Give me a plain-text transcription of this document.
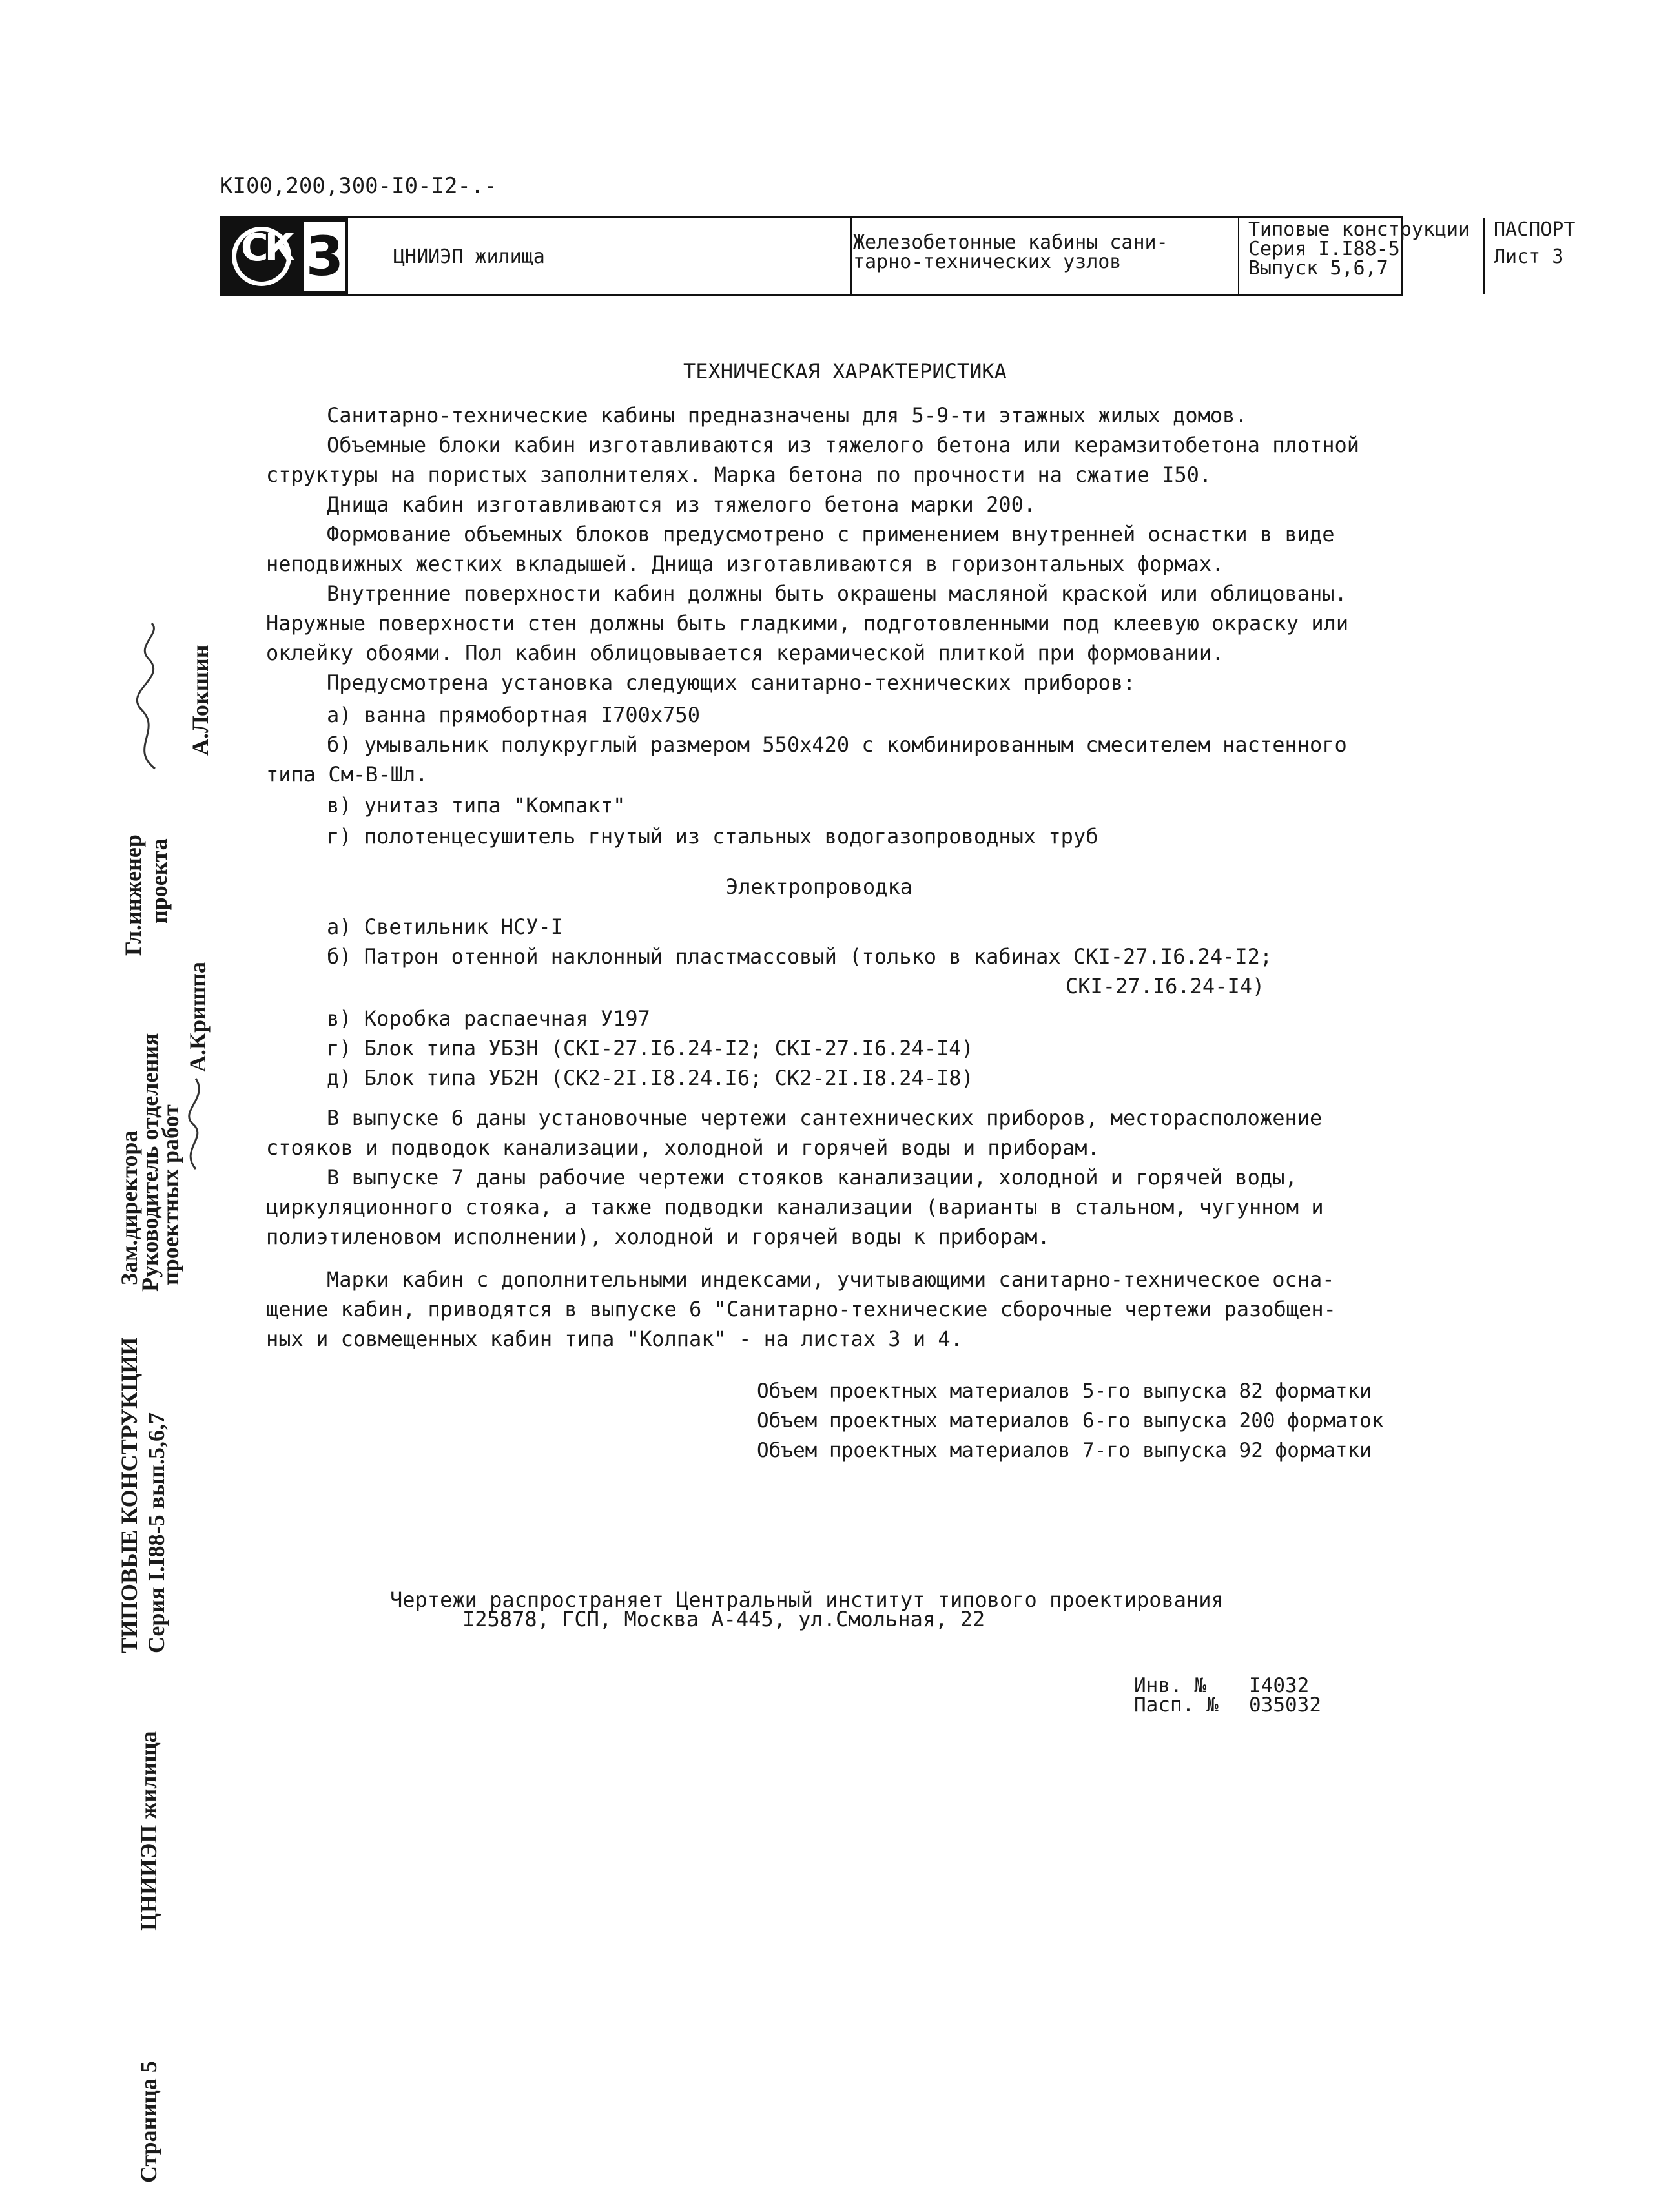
КI00,200,300-I0-I2-.-
СК 3	ЦНИИЭП жилища
Железобетонные кабины сани-
тарно-технических узлов
Типовые конструкции
Серия I.I88-5
Выпуск 5,6,7
ПАСПОРТ
Лист 3
ТЕХНИЧЕСКАЯ ХАРАКТЕРИСТИКА
Санитарно-технические кабины предназначены для 5-9-ти этажных жилых домов.
Объемные блоки кабин изготавливаются из тяжелого бетона или керамзитобетона плотной
структуры на пористых заполнителях. Марка бетона по прочности на сжатие I50.
Днища кабин изготавливаются из тяжелого бетона марки 200.
Формование объемных блоков предусмотрено с применением внутренней оснастки в виде
неподвижных жестких вкладышей. Днища изготавливаются в горизонтальных формах.
Внутренние поверхности кабин должны быть окрашены масляной краской или облицованы.
Наружные поверхности стен должны быть гладкими, подготовленными под клеевую окраску или
оклейку обоями. Пол кабин облицовывается керамической плиткой при формовании.
Предусмотрена установка следующих санитарно-технических приборов:
а) ванна прямобортная I700х750
б) умывальник полукруглый размером 550х420 с комбинированным смесителем настенного
типа См-В-Шл.
в) унитаз типа "Компакт"
г) полотенцесушитель гнутый из стальных водогазопроводных труб
Электропроводка
а) Светильник НСУ-I
б) Патрон отенной наклонный пластмассовый (только в кабинах СКI-27.I6.24-I2;
СКI-27.I6.24-I4)
в) Коробка распаечная У197
г) Блок типа УБЗН (СКI-27.I6.24-I2; СКI-27.I6.24-I4)
д) Блок типа УБ2Н (СК2-2I.I8.24.I6; СК2-2I.I8.24-I8)
В выпуске 6 даны установочные чертежи сантехнических приборов, месторасположение
стояков и подводок канализации, холодной и горячей воды и приборам.
В выпуске 7 даны рабочие чертежи стояков канализации, холодной и горячей воды,
циркуляционного стояка, а также подводки канализации (варианты в стальном, чугунном и
полиэтиленовом исполнении), холодной и горячей воды к приборам.
Марки кабин с дополнительными индексами, учитывающими санитарно-техническое осна-
щение кабин, приводятся в выпуске 6 "Санитарно-технические сборочные чертежи разобщен-
ных и совмещенных кабин типа "Колпак" - на листах 3 и 4.
Объем проектных материалов 5-го выпуска 82 форматки
Объем проектных материалов 6-го выпуска 200 форматок
Объем проектных материалов 7-го выпуска 92 форматки
Чертежи распространяет Центральный институт типового проектирования
I25878, ГСП, Москва А-445, ул.Смольная, 22
Инв. № I4032
Пасп. № 035032
Гл.инженер проекта
А.Локшин
Зам.директора
Руководитель отделения
проектных работ
А.Кришпа
ТИПОВЫЕ КОНСТРУКЦИИ Серия I.I88-5 вып.5,6,7
ЦНИИЭП жилища
Страница 5
